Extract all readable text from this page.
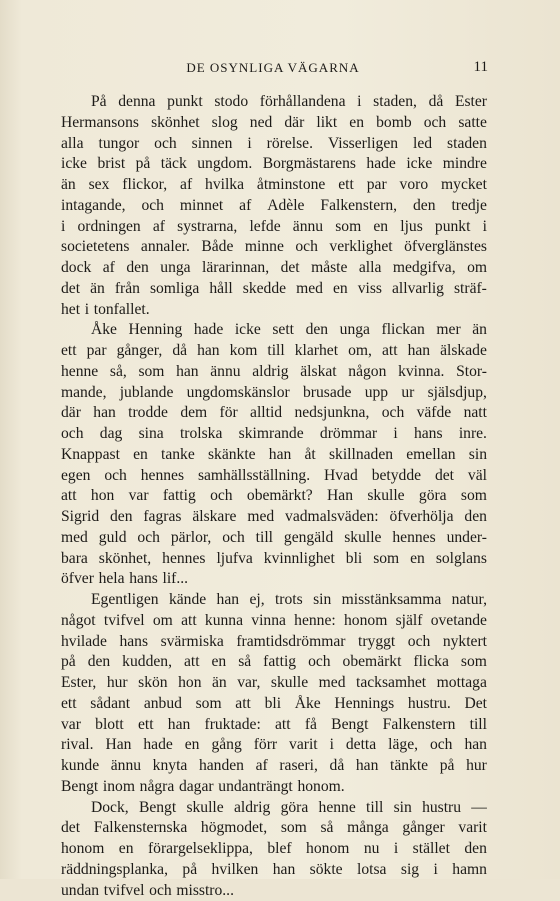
DE OSYNLIGA VÄGARNA	11
På denna punkt stodo förhållandena i staden, då Ester
Hermansons skönhet slog ned där likt en bomb och satte
alla tungor och sinnen i rörelse. Visserligen led staden
icke brist på täck ungdom. Borgmästarens hade icke mindre
än sex flickor, af hvilka åtminstone ett par voro mycket
intagande, och minnet af Adèle Falkenstern, den tredje
i ordningen af systrarna, lefde ännu som en ljus punkt i
societetens annaler. Både minne och verklighet öfverglänstes
dock af den unga lärarinnan, det måste alla medgifva, om
det än från somliga håll skedde med en viss allvarlig sträf-
het i tonfallet.
Åke Henning hade icke sett den unga flickan mer än
ett par gånger, då han kom till klarhet om, att han älskade
henne så, som han ännu aldrig älskat någon kvinna. Stor-
mande, jublande ungdomskänslor brusade upp ur själsdjup,
där han trodde dem för alltid nedsjunkna, och väfde natt
och dag sina trolska skimrande drömmar i hans inre.
Knappast en tanke skänkte han åt skillnaden emellan sin
egen och hennes samhällsställning. Hvad betydde det väl
att hon var fattig och obemärkt? Han skulle göra som
Sigrid den fagras älskare med vadmalsväden: öfverhölja den
med guld och pärlor, och till gengäld skulle hennes under-
bara skönhet, hennes ljufva kvinnlighet bli som en solglans
öfver hela hans lif...
Egentligen kände han ej, trots sin misstänksamma natur,
något tvifvel om att kunna vinna henne: honom själf ovetande
hvilade hans svärmiska framtidsdrömmar tryggt och nyktert
på den kudden, att en så fattig och obemärkt flicka som
Ester, hur skön hon än var, skulle med tacksamhet mottaga
ett sådant anbud som att bli Åke Hennings hustru. Det
var blott ett han fruktade: att få Bengt Falkenstern till
rival. Han hade en gång förr varit i detta läge, och han
kunde ännu knyta handen af raseri, då han tänkte på hur
Bengt inom några dagar undanträngt honom.
Dock, Bengt skulle aldrig göra henne till sin hustru —
det Falkensternska högmodet, som så många gånger varit
honom en förargelseklippa, blef honom nu i stället den
räddningsplanka, på hvilken han sökte lotsa sig i hamn
undan tvifvel och misstro...
